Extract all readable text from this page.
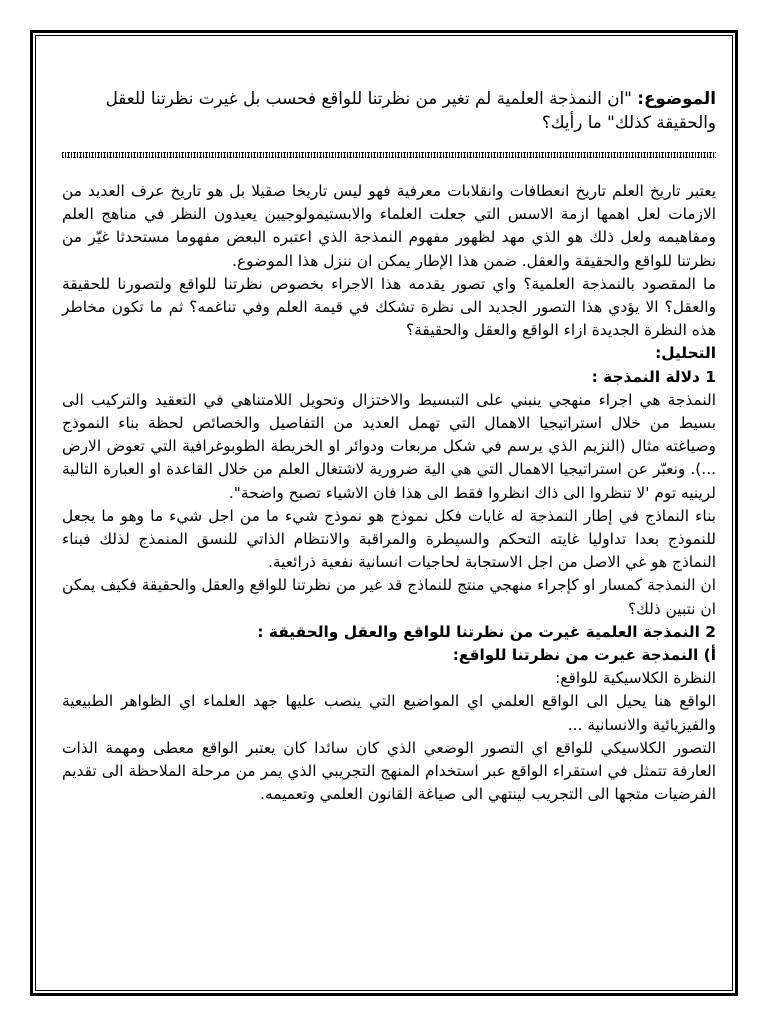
الموضوع: "ان النمذجة العلمية لم تغير من نظرتنا للواقع فحسب بل غيرت نظرتنا للعقل والحقيقة كذلك" ما رأيك؟

يعتبر تاريخ العلم تاريخ انعطافات وانقلابات معرفية فهو ليس تاريخا صقيلا بل هو تاريخ عرف العديد من الازمات لعل اهمها ازمة الاسس التي جعلت العلماء والابستيمولوجيين يعيدون النظر في مناهج العلم ومفاهيمه ولعل ذلك هو الذي مهد لظهور مفهوم النمذجة الذي اعتبره البعض مفهوما مستحدثا غيّر من نظرتنا للواقع والحقيقة والعقل. ضمن هذا الإطار يمكن ان ننزل هذا الموضوع.

ما المقصود بالنمذجة العلمية؟ واي تصور يقدمه هذا الاجراء بخصوص نظرتنا للواقع ولتصورنا للحقيقة والعقل؟ الا يؤدي هذا التصور الجديد الى نظرة تشكك في قيمة العلم وفي تناغمه؟ ثم ما تكون مخاطر هذه النظرة الجديدة ازاء الواقع والعقل والحقيقة؟

التحليل:

1 دلالة النمذجة :

النمذجة هي اجراء منهجي ينبني على التبسيط والاختزال وتحويل اللامتناهي في التعقيد والتركيب الى بسيط من خلال استراتيجيا الاهمال التي تهمل العديد من التفاصيل والخصائص لحظة بناء النموذج وصياغته مثال (النزيم الذي يرسم في شكل مربعات ودوائر او الخريطة الطوبوغرافية التي تعوض الارض ...). ونعبّر عن استراتيجيا الاهمال التي هي الية ضرورية لاشتغال العلم من خلال القاعدة او العبارة التالية لرينيه توم 'لا تنظروا الى ذاك انظروا فقط الى هذا فان الاشياء تصبح واضحة".

بناء النماذج في إطار النمذجة له غايات فكل نموذج هو نموذج شيء ما من اجل شيء ما وهو ما يجعل للنموذج بعدا تداوليا غايته التحكم والسيطرة والمراقبة والانتظام الذاتي للنسق المنمذج لذلك فبناء النماذج هو غي الاصل من اجل الاستجابة لحاجيات انسانية نفعية ذرائعية.

ان النمذجة كمسار او كإجراء منهجي منتج للنماذج قد غير من نظرتنا للواقع والعقل والحقيقة فكيف يمكن ان نتبين ذلك؟

2 النمذجة العلمية غيرت من نظرتنا للواقع والعقل والحقيقة :

أ) النمذجة غيرت من نظرتنا للواقع:

النظرة الكلاسيكية للواقع:

الواقع هنا يحيل الى الواقع العلمي اي المواضيع التي ينصب عليها جهد العلماء اي الظواهر الطبيعية والفيزيائية والانسانية ...

التصور الكلاسيكي للواقع اي التصور الوضعي الذي كان سائدا كان يعتبر الواقع معطى ومهمة الذات العارفة تتمثل في استقراء الواقع عبر استخدام المنهج التجريبي الذي يمر من مرحلة الملاحظة الى تقديم الفرضيات متجها الى التجريب لينتهي الى صياغة القانون العلمي وتعميمه.
